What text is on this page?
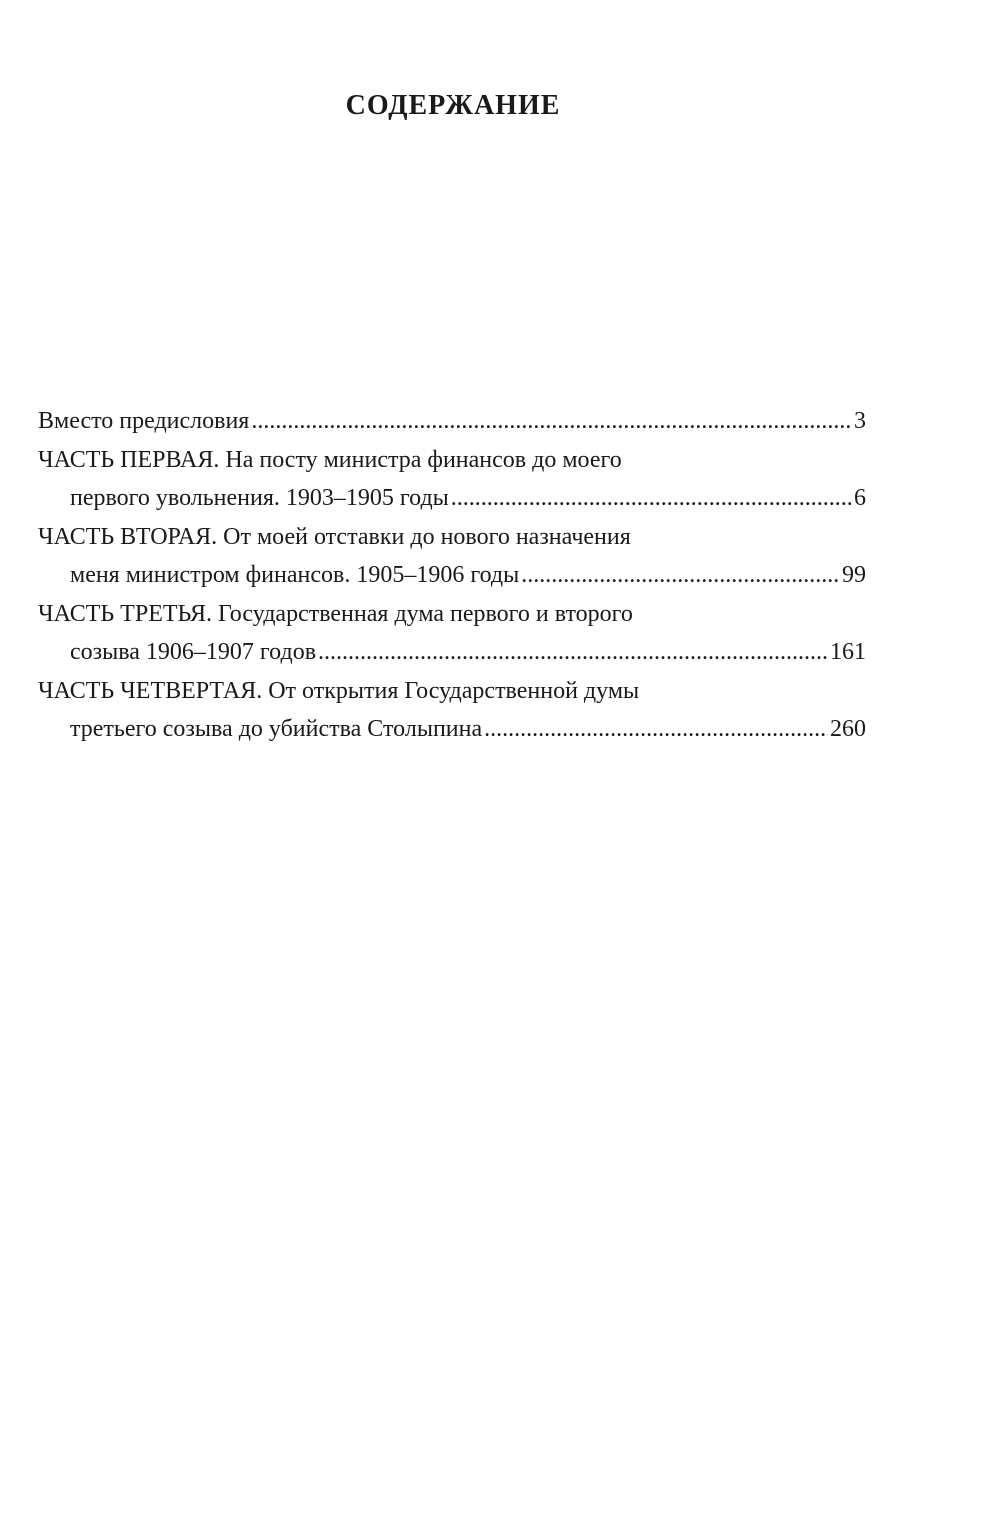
СОДЕРЖАНИЕ
Вместо предисловия .....	3
ЧАСТЬ ПЕРВАЯ. На посту министра финансов до моего
первого увольнения. 1903–1905 годы .....	6
ЧАСТЬ ВТОРАЯ. От моей отставки до нового назначения
меня министром финансов. 1905–1906 годы .....	99
ЧАСТЬ ТРЕТЬЯ. Государственная дума первого и второго
созыва 1906–1907 годов .....	161
ЧАСТЬ ЧЕТВЕРТАЯ. От открытия Государственной думы
третьего созыва до убийства Столыпина .....	260
